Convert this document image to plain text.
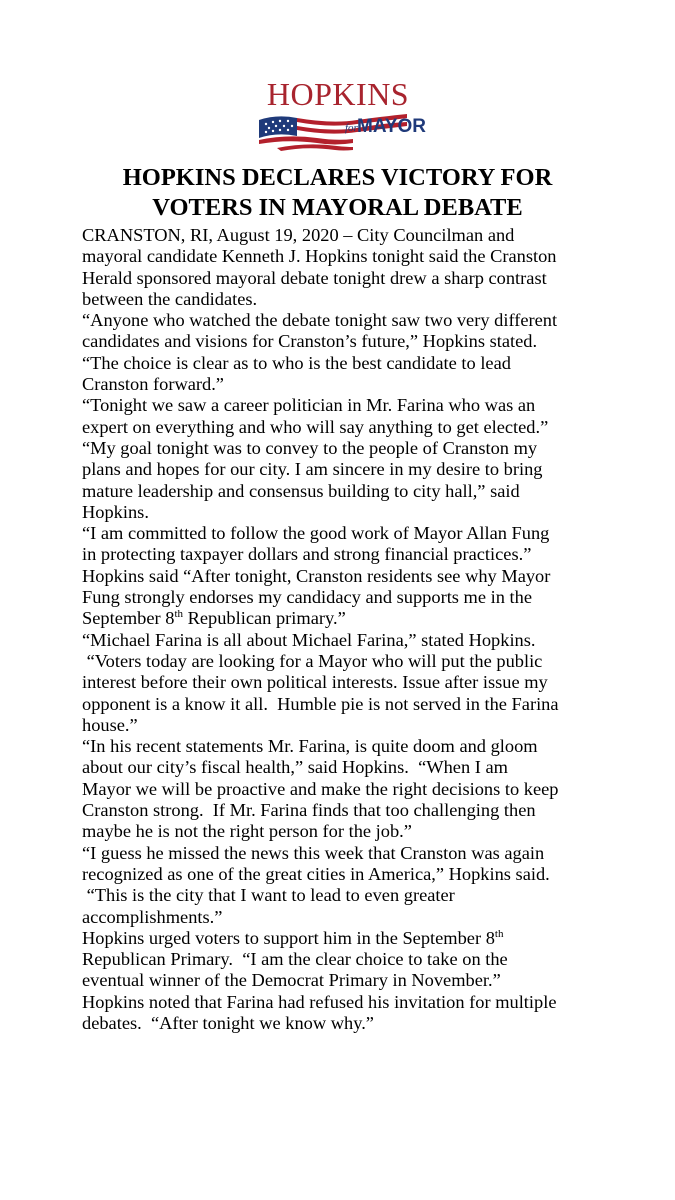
HOPKINS
for MAYOR
HOPKINS DECLARES VICTORY FOR
VOTERS IN MAYORAL DEBATE
CRANSTON, RI, August 19, 2020 – City Councilman and
mayoral candidate Kenneth J. Hopkins tonight said the Cranston
Herald sponsored mayoral debate tonight drew a sharp contrast
between the candidates.
“Anyone who watched the debate tonight saw two very different
candidates and visions for Cranston’s future,” Hopkins stated.
“The choice is clear as to who is the best candidate to lead
Cranston forward.”
“Tonight we saw a career politician in Mr. Farina who was an
expert on everything and who will say anything to get elected.”
“My goal tonight was to convey to the people of Cranston my
plans and hopes for our city. I am sincere in my desire to bring
mature leadership and consensus building to city hall,” said
Hopkins.
“I am committed to follow the good work of Mayor Allan Fung
in protecting taxpayer dollars and strong financial practices.”
Hopkins said “After tonight, Cranston residents see why Mayor
Fung strongly endorses my candidacy and supports me in the
September 8th Republican primary.”
“Michael Farina is all about Michael Farina,” stated Hopkins.
“Voters today are looking for a Mayor who will put the public
interest before their own political interests. Issue after issue my
opponent is a know it all.  Humble pie is not served in the Farina
house.”
“In his recent statements Mr. Farina, is quite doom and gloom
about our city’s fiscal health,” said Hopkins.  “When I am
Mayor we will be proactive and make the right decisions to keep
Cranston strong.  If Mr. Farina finds that too challenging then
maybe he is not the right person for the job.”
“I guess he missed the news this week that Cranston was again
recognized as one of the great cities in America,” Hopkins said.
“This is the city that I want to lead to even greater
accomplishments.”
Hopkins urged voters to support him in the September 8th
Republican Primary.  “I am the clear choice to take on the
eventual winner of the Democrat Primary in November.”
Hopkins noted that Farina had refused his invitation for multiple
debates.  “After tonight we know why.”
